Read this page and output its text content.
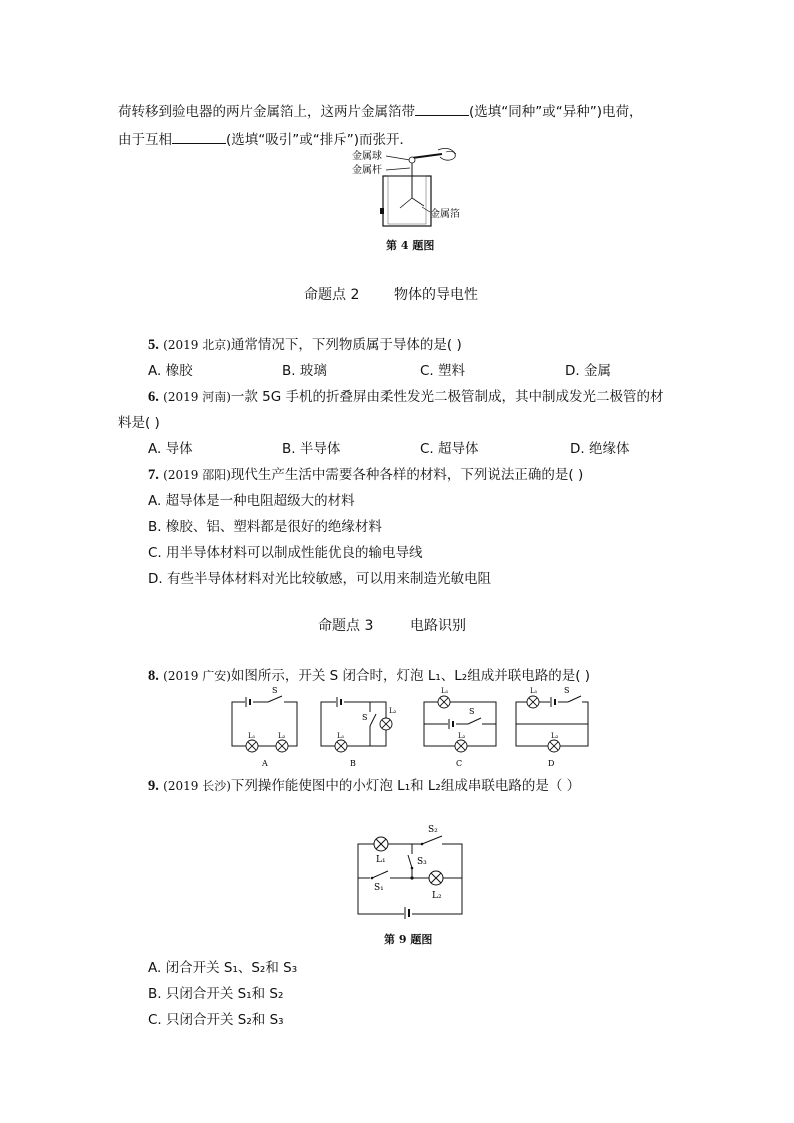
荷转移到验电器的两片金属箔上，这两片金属箔带	(选填“同种”或“异种”)电荷，
由于互相	(选填“吸引”或“排斥”)而张开．
金属球
金属杆
金属箔
第 4 题图
命题点 2 物体的导电性
5. (2019 北京)通常情况下，下列物质属于导体的是( )
A. 橡胶	B. 玻璃	C. 塑料	D. 金属
6. (2019 河南)一款 5G 手机的折叠屏由柔性发光二极管制成，其中制成发光二极管的材
料是( )
A. 导体	B. 半导体	C. 超导体	D. 绝缘体
7. (2019 邵阳)现代生产生活中需要各种各样的材料，下列说法正确的是( )
A. 超导体是一种电阻超级大的材料
B. 橡胶、铝、塑料都是很好的绝缘材料
C. 用半导体材料可以制成性能优良的输电导线
D. 有些半导体材料对光比较敏感，可以用来制造光敏电阻
命题点 3	电路识别
8. (2019 广安)如图所示，开关 S 闭合时，灯泡 L₁、L₂组成并联电路的是( )
S
L₁	L₂
A
S
L₂
L₁
B
L₁
S
L₂
C
L₁	S
L₂
D
9. (2019 长沙)下列操作能使图中的小灯泡 L₁和 L₂组成串联电路的是（ ）
L₁
S₂
S₁
S₃
L₂
第 9 题图
A. 闭合开关 S₁、S₂和 S₃
B. 只闭合开关 S₁和 S₂
C. 只闭合开关 S₂和 S₃
